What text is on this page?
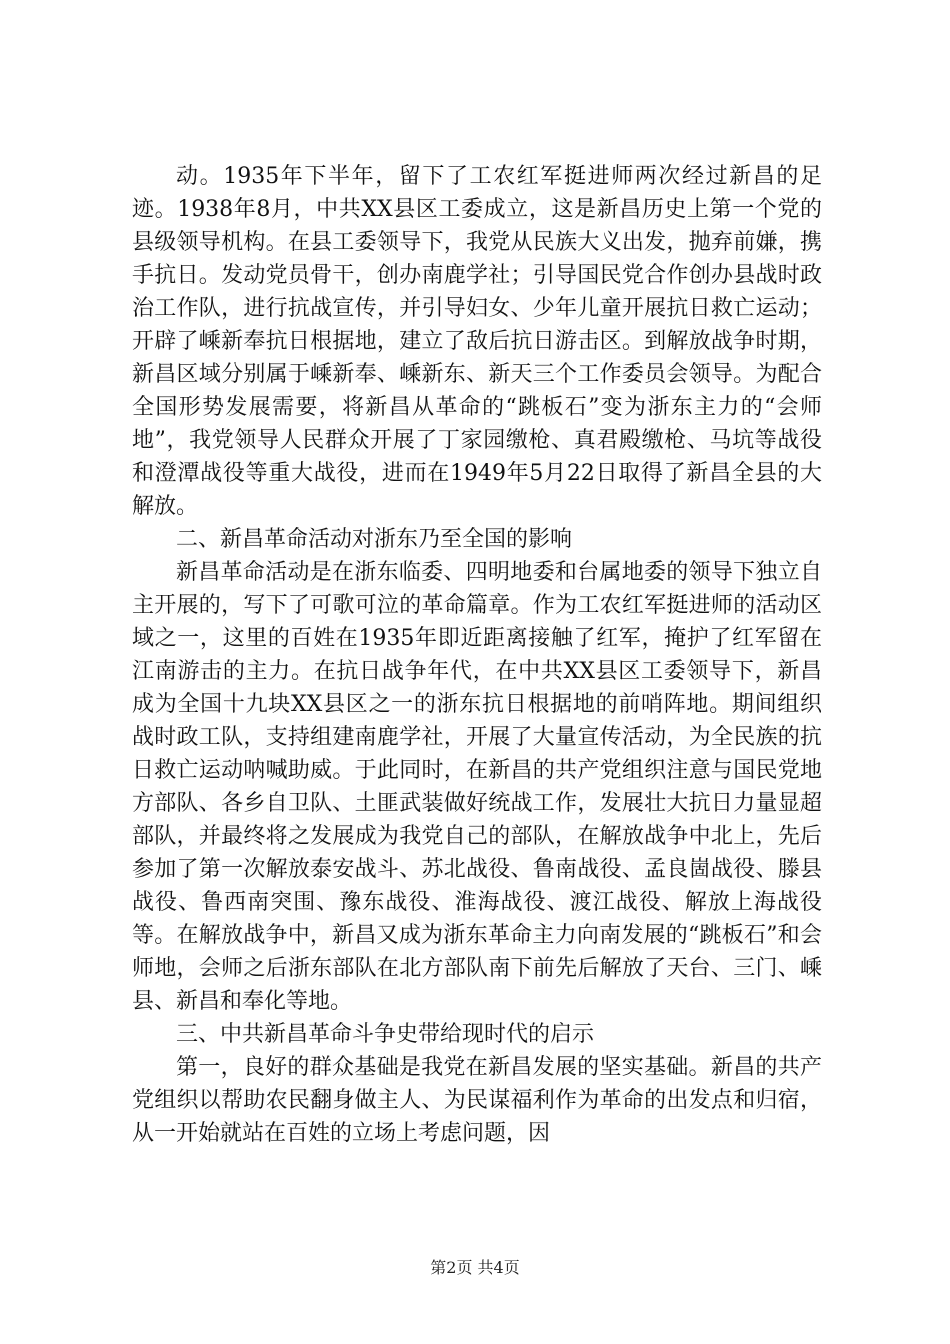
动。1935年下半年，留下了工农红军挺进师两次经过新昌的足迹。1938年8月，中共XX县区工委成立，这是新昌历史上第一个党的县级领导机构。在县工委领导下，我党从民族大义出发，抛弃前嫌，携手抗日。发动党员骨干，创办南鹿学社；引导国民党合作创办县战时政治工作队，进行抗战宣传，并引导妇女、少年儿童开展抗日救亡运动；开辟了嵊新奉抗日根据地，建立了敌后抗日游击区。到解放战争时期，新昌区域分别属于嵊新奉、嵊新东、新天三个工作委员会领导。为配合全国形势发展需要，将新昌从革命的“跳板石”变为浙东主力的“会师地”，我党领导人民群众开展了丁家园缴枪、真君殿缴枪、马坑等战役和澄潭战役等重大战役，进而在1949年5月22日取得了新昌全县的大解放。

二、新昌革命活动对浙东乃至全国的影响

新昌革命活动是在浙东临委、四明地委和台属地委的领导下独立自主开展的，写下了可歌可泣的革命篇章。作为工农红军挺进师的活动区域之一，这里的百姓在1935年即近距离接触了红军，掩护了红军留在江南游击的主力。在抗日战争年代，在中共XX县区工委领导下，新昌成为全国十九块XX县区之一的浙东抗日根据地的前哨阵地。期间组织战时政工队，支持组建南鹿学社，开展了大量宣传活动，为全民族的抗日救亡运动呐喊助威。于此同时，在新昌的共产党组织注意与国民党地方部队、各乡自卫队、土匪武装做好统战工作，发展壮大抗日力量显超部队，并最终将之发展成为我党自己的部队，在解放战争中北上，先后参加了第一次解放泰安战斗、苏北战役、鲁南战役、孟良崮战役、滕县战役、鲁西南突围、豫东战役、淮海战役、渡江战役、解放上海战役等。在解放战争中，新昌又成为浙东革命主力向南发展的“跳板石”和会师地，会师之后浙东部队在北方部队南下前先后解放了天台、三门、嵊县、新昌和奉化等地。

三、中共新昌革命斗争史带给现时代的启示

第一，良好的群众基础是我党在新昌发展的坚实基础。新昌的共产党组织以帮助农民翻身做主人、为民谋福利作为革命的出发点和归宿，从一开始就站在百姓的立场上考虑问题，因

第2页 共4页
